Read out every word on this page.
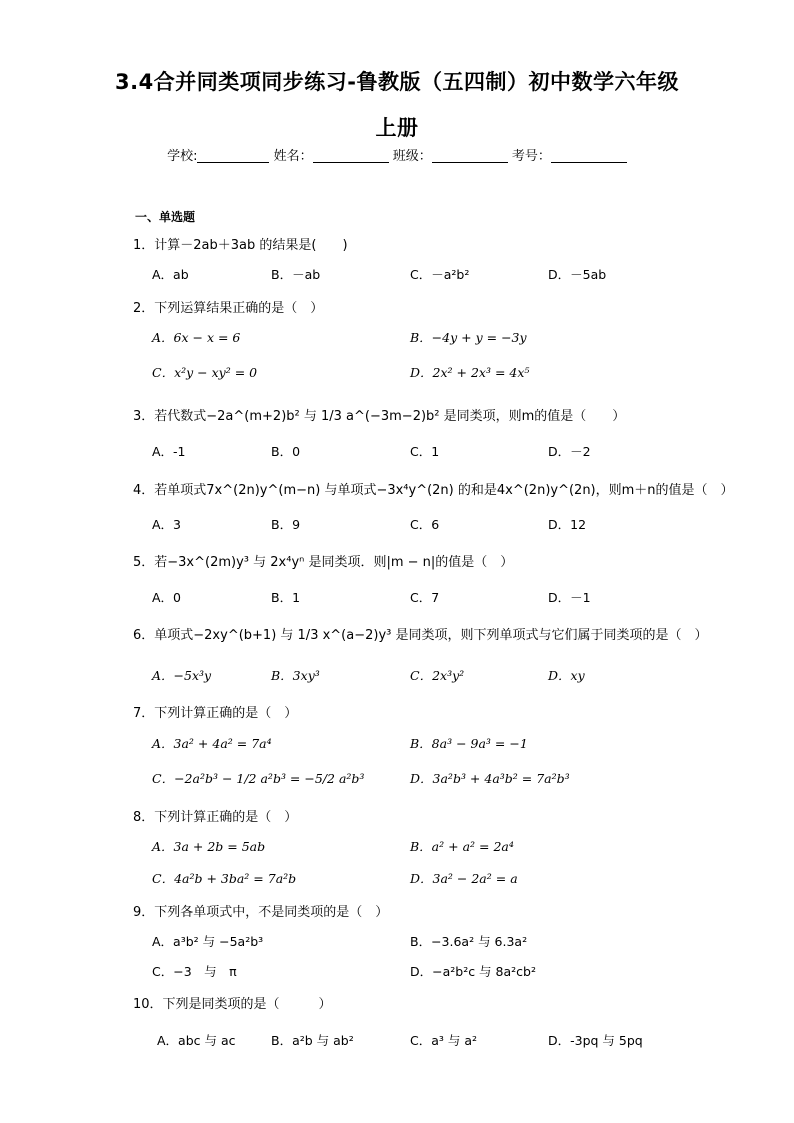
3.4合并同类项同步练习-鲁教版（五四制）初中数学六年级
上册
学校:	姓名：	班级：	考号：
一、单选题
1．计算－2ab＋3ab 的结果是(　　)
A．ab	B．－ab	C．－a²b²	D．－5ab
2．下列运算结果正确的是（　）
A．6x − x = 6	B．−4y + y = −3y
C．x²y − xy² = 0	D．2x² + 2x³ = 4x⁵
3．若代数式−2a^(m+2)b² 与 1/3 a^(−3m−2)b² 是同类项，则m的值是（　　）
A．-1	B．0	C．1	D．－2
4．若单项式7x^(2n)y^(m−n) 与单项式−3x⁴y^(2n) 的和是4x^(2n)y^(2n)，则m＋n的值是（　）
A．3	B．9	C．6	D．12
5．若−3x^(2m)y³ 与 2x⁴yⁿ 是同类项．则|m − n|的值是（　）
A．0	B．1	C．7	D．－1
6．单项式−2xy^(b+1) 与 1/3 x^(a−2)y³ 是同类项，则下列单项式与它们属于同类项的是（　）
A．−5x³y	B．3xy³	C．2x³y²	D．xy
7．下列计算正确的是（　）
A．3a² + 4a² = 7a⁴	B．8a³ − 9a³ = −1
C．−2a²b³ − 1/2 a²b³ = −5/2 a²b³	D．3a²b³ + 4a³b² = 7a²b³
8．下列计算正确的是（　）
A．3a + 2b = 5ab	B．a² + a² = 2a⁴
C．4a²b + 3ba² = 7a²b	D．3a² − 2a² = a
9．下列各单项式中，不是同类项的是（　）
A．a³b² 与 −5a²b³	B．−3.6a² 与 6.3a²
C．−3　与　π	D．−a²b²c 与 8a²cb²
10．下列是同类项的是（　　　）
A．abc 与 ac	B．a²b 与 ab²	C．a³ 与 a²	D．-3pq 与 5pq
